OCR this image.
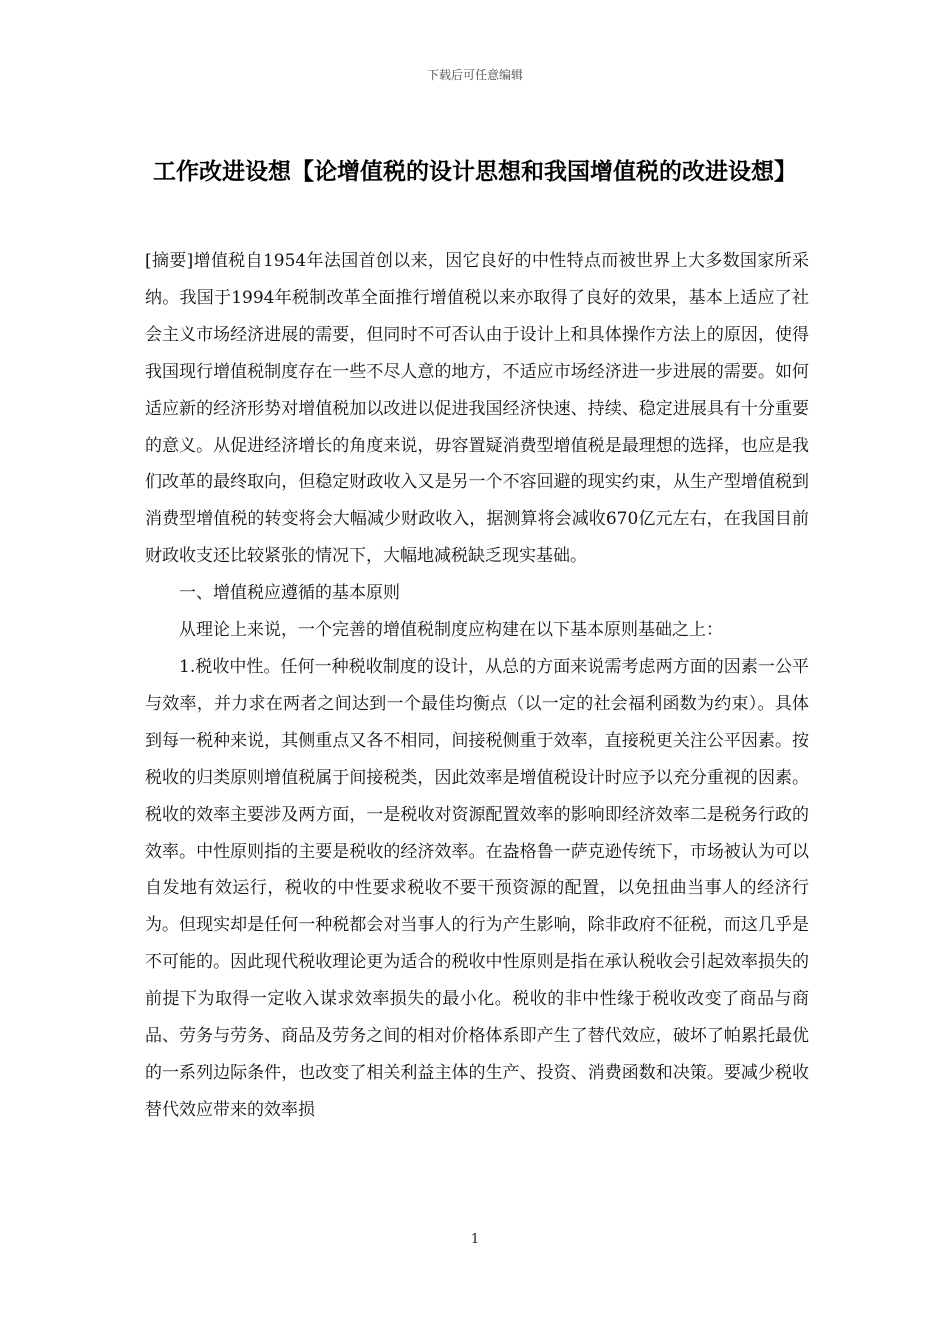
下载后可任意编辑
工作改进设想【论增值税的设计思想和我国增值税的改进设想】

[摘要]增值税自1954年法国首创以来，因它良好的中性特点而被世界上大多数国家所采纳。我国于1994年税制改革全面推行增值税以来亦取得了良好的效果，基本上适应了社会主义市场经济进展的需要，但同时不可否认由于设计上和具体操作方法上的原因，使得我国现行增值税制度存在一些不尽人意的地方，不适应市场经济进一步进展的需要。如何适应新的经济形势对增值税加以改进以促进我国经济快速、持续、稳定进展具有十分重要的意义。从促进经济增长的角度来说，毋容置疑消费型增值税是最理想的选择，也应是我们改革的最终取向，但稳定财政收入又是另一个不容回避的现实约束，从生产型增值税到消费型增值税的转变将会大幅减少财政收入，据测算将会减收670亿元左右，在我国目前财政收支还比较紧张的情况下，大幅地减税缺乏现实基础。

一、增值税应遵循的基本原则

从理论上来说，一个完善的增值税制度应构建在以下基本原则基础之上：

1.税收中性。任何一种税收制度的设计，从总的方面来说需考虑两方面的因素一公平与效率，并力求在两者之间达到一个最佳均衡点（以一定的社会福利函数为约束）。具体到每一税种来说，其侧重点又各不相同，间接税侧重于效率，直接税更关注公平因素。按税收的归类原则增值税属于间接税类，因此效率是增值税设计时应予以充分重视的因素。税收的效率主要涉及两方面，一是税收对资源配置效率的影响即经济效率二是税务行政的效率。中性原则指的主要是税收的经济效率。在盎格鲁一萨克逊传统下，市场被认为可以自发地有效运行，税收的中性要求税收不要干预资源的配置，以免扭曲当事人的经济行为。但现实却是任何一种税都会对当事人的行为产生影响，除非政府不征税，而这几乎是不可能的。因此现代税收理论更为适合的税收中性原则是指在承认税收会引起效率损失的前提下为取得一定收入谋求效率损失的最小化。税收的非中性缘于税收改变了商品与商品、劳务与劳务、商品及劳务之间的相对价格体系即产生了替代效应，破坏了帕累托最优的一系列边际条件，也改变了相关利益主体的生产、投资、消费函数和决策。要减少税收替代效应带来的效率损

1
